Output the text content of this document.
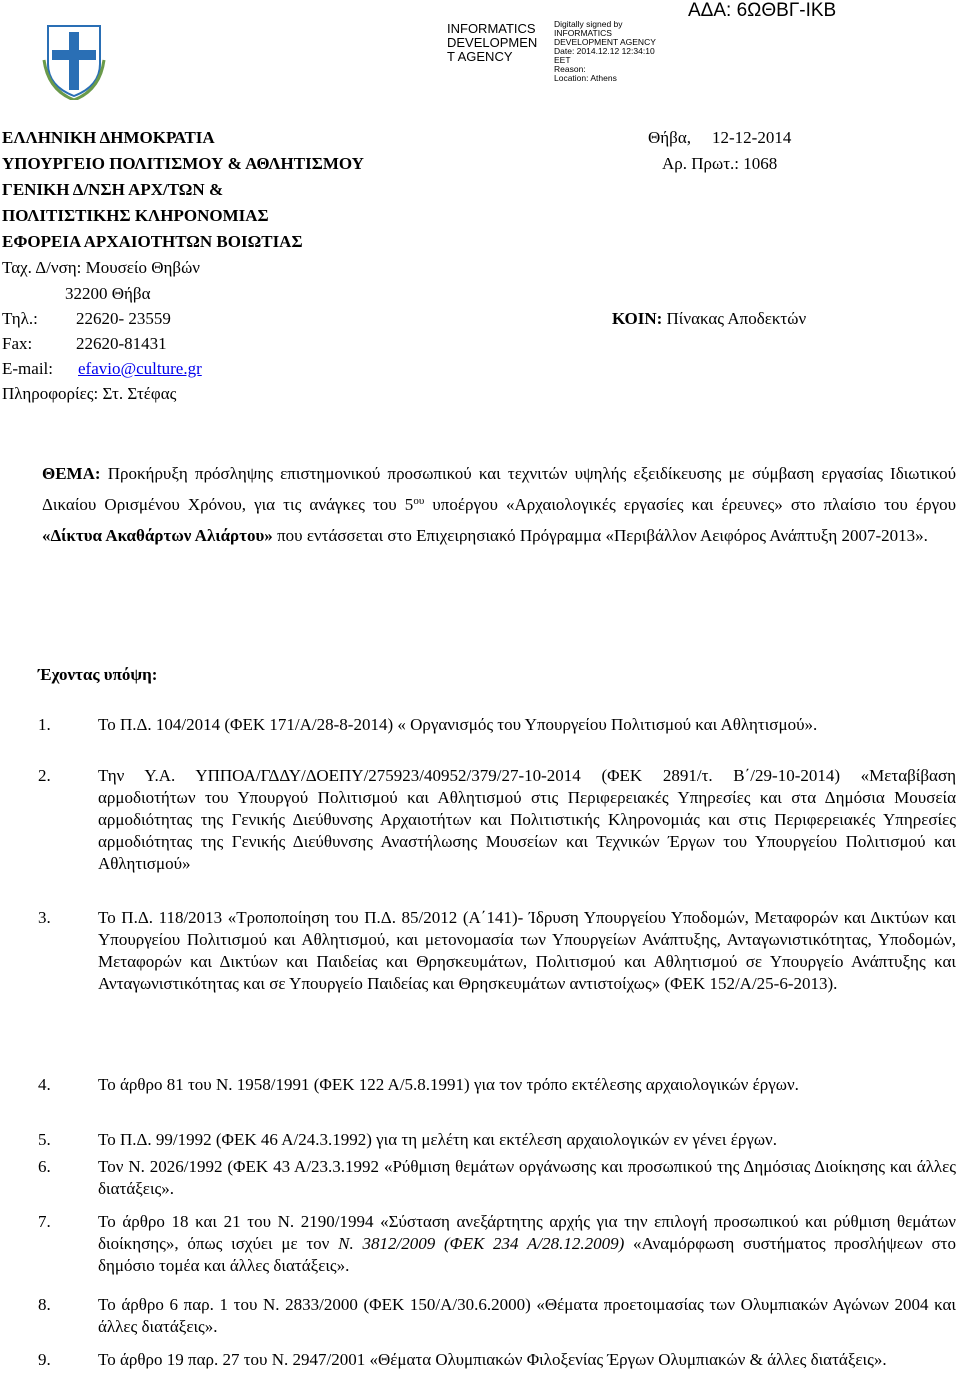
INFORMATICS
DEVELOPMEN
T AGENCY
Digitally signed by
INFORMATICS
DEVELOPMENT AGENCY
Date: 2014.12.12 12:34:10
EET
Reason:
Location: Athens
ΑΔΑ: 6ΩΘΒΓ-ΙΚΒ
ΕΛΛΗΝΙΚΗ ΔΗΜΟΚΡΑΤΙΑ
ΥΠΟΥΡΓΕΙΟ ΠΟΛΙΤΙΣΜΟΥ & ΑΘΛΗΤΙΣΜΟΥ
ΓΕΝΙΚΗ Δ/ΝΣΗ ΑΡΧ/ΤΩΝ &
ΠΟΛΙΤΙΣΤΙΚΗΣ ΚΛΗΡΟΝΟΜΙΑΣ
ΕΦΟΡΕΙΑ ΑΡΧΑΙΟΤΗΤΩΝ ΒΟΙΩΤΙΑΣ
Ταχ. Δ/νση: Μουσείο Θηβών
32200 Θήβα
Τηλ.: 22620- 23559
Fax:	22620-81431
E-mail: efavio@culture.gr
Πληροφορίες: Στ. Στέφας
Θήβα, 12-12-2014
Αρ. Πρωτ.: 1068
ΚΟΙΝ: Πίνακας Αποδεκτών
ΘΕΜΑ: Προκήρυξη πρόσληψης επιστημονικού προσωπικού και τεχνιτών υψηλής εξειδίκευσης με σύμβαση εργασίας Ιδιωτικού Δικαίου Ορισμένου Χρόνου, για τις ανάγκες του $5^{o\upsilon}$ υποέργου «Αρχαιολογικές εργασίες και έρευνες» στο πλαίσιο του έργου «Δίκτυα Ακαθάρτων Αλιάρτου» που εντάσσεται στο Επιχειρησιακό Πρόγραμμα «Περιβάλλον Αειφόρος Ανάπτυξη 2007-2013».
Έχοντας υπόψη:
1.	Το Π.Δ. 104/2014 (ΦΕΚ 171/Α/28-8-2014) « Οργανισμός του Υπουργείου Πολιτισμού και Αθλητισμού».
2.	Την Υ.Α. ΥΠΠΟΑ/ΓΔΔΥ/ΔΟΕΠΥ/275923/40952/379/27-10-2014 (ΦΕΚ 2891/τ. Β΄/29-10-2014) «Μεταβίβαση αρμοδιοτήτων του Υπουργού Πολιτισμού και Αθλητισμού στις Περιφερειακές Υπηρεσίες και στα Δημόσια Μουσεία αρμοδιότητας της Γενικής Διεύθυνσης Αρχαιοτήτων και Πολιτιστικής Κληρονομιάς και στις Περιφερειακές Υπηρεσίες αρμοδιότητας της Γενικής Διεύθυνσης Αναστήλωσης Μουσείων και Τεχνικών Έργων του Υπουργείου Πολιτισμού και Αθλητισμού»
3.	Το Π.Δ. 118/2013 «Τροποποίηση του Π.Δ. 85/2012 (Α΄141)- Ίδρυση Υπουργείου Υποδομών, Μεταφορών και Δικτύων και Υπουργείου Πολιτισμού και Αθλητισμού, και μετονομασία των Υπουργείων Ανάπτυξης, Ανταγωνιστικότητας, Υποδομών, Μεταφορών και Δικτύων και Παιδείας και Θρησκευμάτων, Πολιτισμού και Αθλητισμού σε Υπουργείο Ανάπτυξης και Ανταγωνιστικότητας και σε Υπουργείο Παιδείας και Θρησκευμάτων αντιστοίχως» (ΦΕΚ 152/Α/25-6-2013).
4.	Το άρθρο 81 του Ν. 1958/1991 (ΦΕΚ 122 Α/5.8.1991) για τον τρόπο εκτέλεσης αρχαιολογικών έργων.
5.	Το Π.Δ. 99/1992 (ΦΕΚ 46 Α/24.3.1992) για τη μελέτη και εκτέλεση αρχαιολογικών εν γένει έργων.
6.	Τον Ν. 2026/1992 (ΦΕΚ 43 Α/23.3.1992 «Ρύθμιση θεμάτων οργάνωσης και προσωπικού της Δημόσιας Διοίκησης και άλλες διατάξεις».
7.	Το άρθρο 18 και 21 του Ν. 2190/1994 «Σύσταση ανεξάρτητης αρχής για την επιλογή προσωπικού και ρύθμιση θεμάτων διοίκησης», όπως ισχύει με τον Ν. 3812/2009 (ΦΕΚ 234 Α/28.12.2009) «Αναμόρφωση συστήματος προσλήψεων στο δημόσιο τομέα και άλλες διατάξεις».
8.	Το άρθρο 6 παρ. 1 του Ν. 2833/2000 (ΦΕΚ 150/Α/30.6.2000) «Θέματα προετοιμασίας των Ολυμπιακών Αγώνων 2004 και άλλες διατάξεις».
9.	Το άρθρο 19 παρ. 27 του Ν. 2947/2001 «Θέματα Ολυμπιακών Φιλοξενίας Έργων Ολυμπιακών & άλλες διατάξεις».
